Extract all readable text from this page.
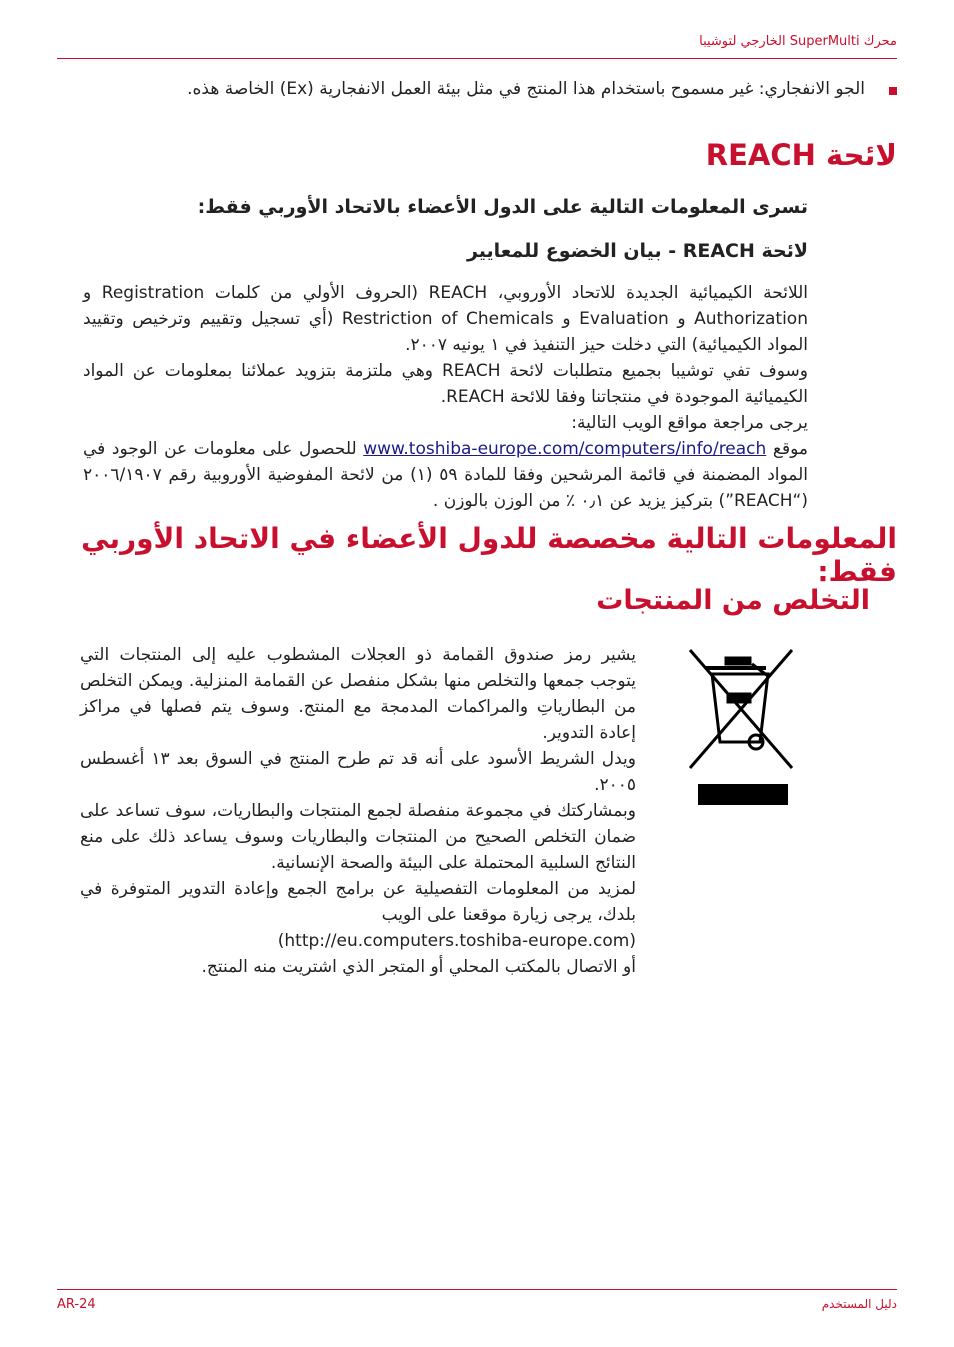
محرك SuperMulti الخارجي لتوشيبا
الجو الانفجاري: غير مسموح باستخدام هذا المنتج في مثل بيئة العمل الانفجارية (Ex) الخاصة هذه.
لائحة REACH
تسرى المعلومات التالية على الدول الأعضاء بالاتحاد الأوربي فقط:
لائحة REACH - بيان الخضوع للمعايير

اللائحة الكيميائية الجديدة للاتحاد الأوروبي، REACH (الحروف الأولي من كلمات Registration و Authorization و Evaluation و Restriction of Chemicals (أي تسجيل وتقييم وترخيص وتقييد المواد الكيميائية) التي دخلت حيز التنفيذ في ١ يونيه ٢٠٠٧.

وسوف تفي توشيبا بجميع متطلبات لائحة REACH وهي ملتزمة بتزويد عملائنا بمعلومات عن المواد الكيميائية الموجودة في منتجاتنا وفقا للائحة REACH.

يرجى مراجعة مواقع الويب التالية:

موقع www.toshiba-europe.com/computers/info/reach للحصول على معلومات عن الوجود في المواد المضمنة في قائمة المرشحين وفقا للمادة ٥٩ (١) من لائحة المفوضية الأوروبية رقم ٢٠٠٦/١٩٠٧ (“REACH”) بتركيز يزيد عن ٠٫١ ٪ من الوزن بالوزن .

المعلومات التالية مخصصة للدول الأعضاء في الاتحاد الأوربي فقط:
التخلص من المنتجات

يشير رمز صندوق القمامة ذو العجلات المشطوب عليه إلى المنتجات التي يتوجب جمعها والتخلص منها بشكل منفصل عن القمامة المنزلية. ويمكن التخلص من البطارياتِ والمراكمات المدمجة مع المنتج. وسوف يتم فصلها في مراكز إعادة التدوير.

ويدل الشريط الأسود على أنه قد تم طرح المنتج في السوق بعد ١٣ أغسطس ٢٠٠٥.

وبمشاركتك في مجموعة منفصلة لجمع المنتجات والبطاريات، سوف تساعد على ضمان التخلص الصحيح من المنتجات والبطاريات وسوف يساعد ذلك على منع النتائج السلبية المحتملة على البيئة والصحة الإنسانية.

لمزيد من المعلومات التفصيلية عن برامج الجمع وإعادة التدوير المتوفرة في بلدك، يرجى زيارة موقعنا على الويب

(http://eu.computers.toshiba-europe.com)

أو الاتصال بالمكتب المحلي أو المتجر الذي اشتريت منه المنتج.

AR-24	دليل المستخدم
